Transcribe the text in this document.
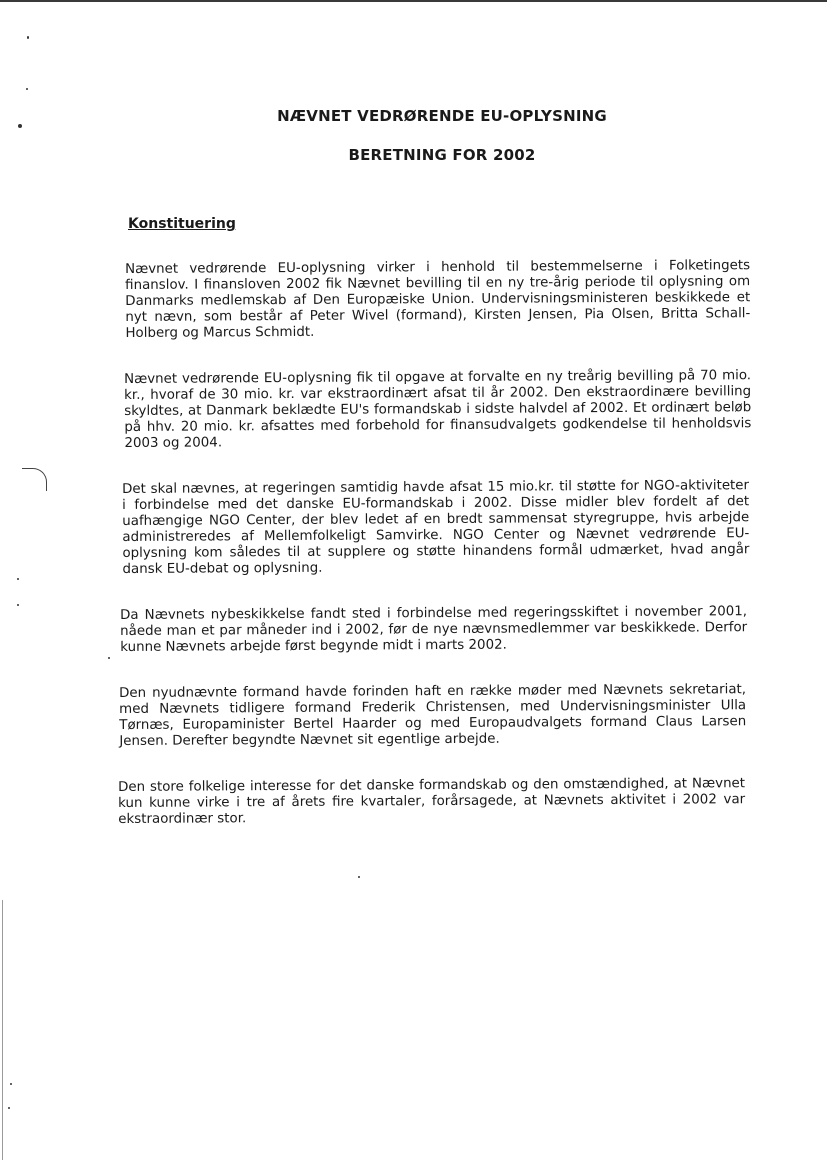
NÆVNET VEDRØRENDE EU-OPLYSNING
BERETNING FOR 2002
Konstituering

Nævnet vedrørende EU-oplysning virker i henhold til bestemmelserne i Folketingets finanslov. I finansloven 2002 fik Nævnet bevilling til en ny tre-årig periode til oplysning om Danmarks medlemskab af Den Europæiske Union. Undervisningsministeren beskikkede et nyt nævn, som består af Peter Wivel (formand), Kirsten Jensen, Pia Olsen, Britta Schall-Holberg og Marcus Schmidt.

Nævnet vedrørende EU-oplysning fik til opgave at forvalte en ny treårig bevilling på 70 mio. kr., hvoraf de 30 mio. kr. var ekstraordinært afsat til år 2002. Den ekstraordinære bevilling skyldtes, at Danmark beklædte EU's formandskab i sidste halvdel af 2002. Et ordinært beløb på hhv. 20 mio. kr. afsattes med forbehold for finansudvalgets godkendelse til henholdsvis 2003 og 2004.

Det skal nævnes, at regeringen samtidig havde afsat 15 mio.kr. til støtte for NGO-aktiviteter i forbindelse med det danske EU-formandskab i 2002. Disse midler blev fordelt af det uafhængige NGO Center, der blev ledet af en bredt sammensat styregruppe, hvis arbejde administreredes af Mellemfolkeligt Samvirke. NGO Center og Nævnet vedrørende EU-oplysning kom således til at supplere og støtte hinandens formål udmærket, hvad angår dansk EU-debat og oplysning.

Da Nævnets nybeskikkelse fandt sted i forbindelse med regeringsskiftet i november 2001, nåede man et par måneder ind i 2002, før de nye nævnsmedlemmer var beskikkede. Derfor kunne Nævnets arbejde først begynde midt i marts 2002.

Den nyudnævnte formand havde forinden haft en række møder med Nævnets sekretariat, med Nævnets tidligere formand Frederik Christensen, med Undervisningsminister Ulla Tørnæs, Europaminister Bertel Haarder og med Europaudvalgets formand Claus Larsen Jensen. Derefter begyndte Nævnet sit egentlige arbejde.

Den store folkelige interesse for det danske formandskab og den omstændighed, at Nævnet kun kunne virke i tre af årets fire kvartaler, forårsagede, at Nævnets aktivitet i 2002 var ekstraordinær stor.
